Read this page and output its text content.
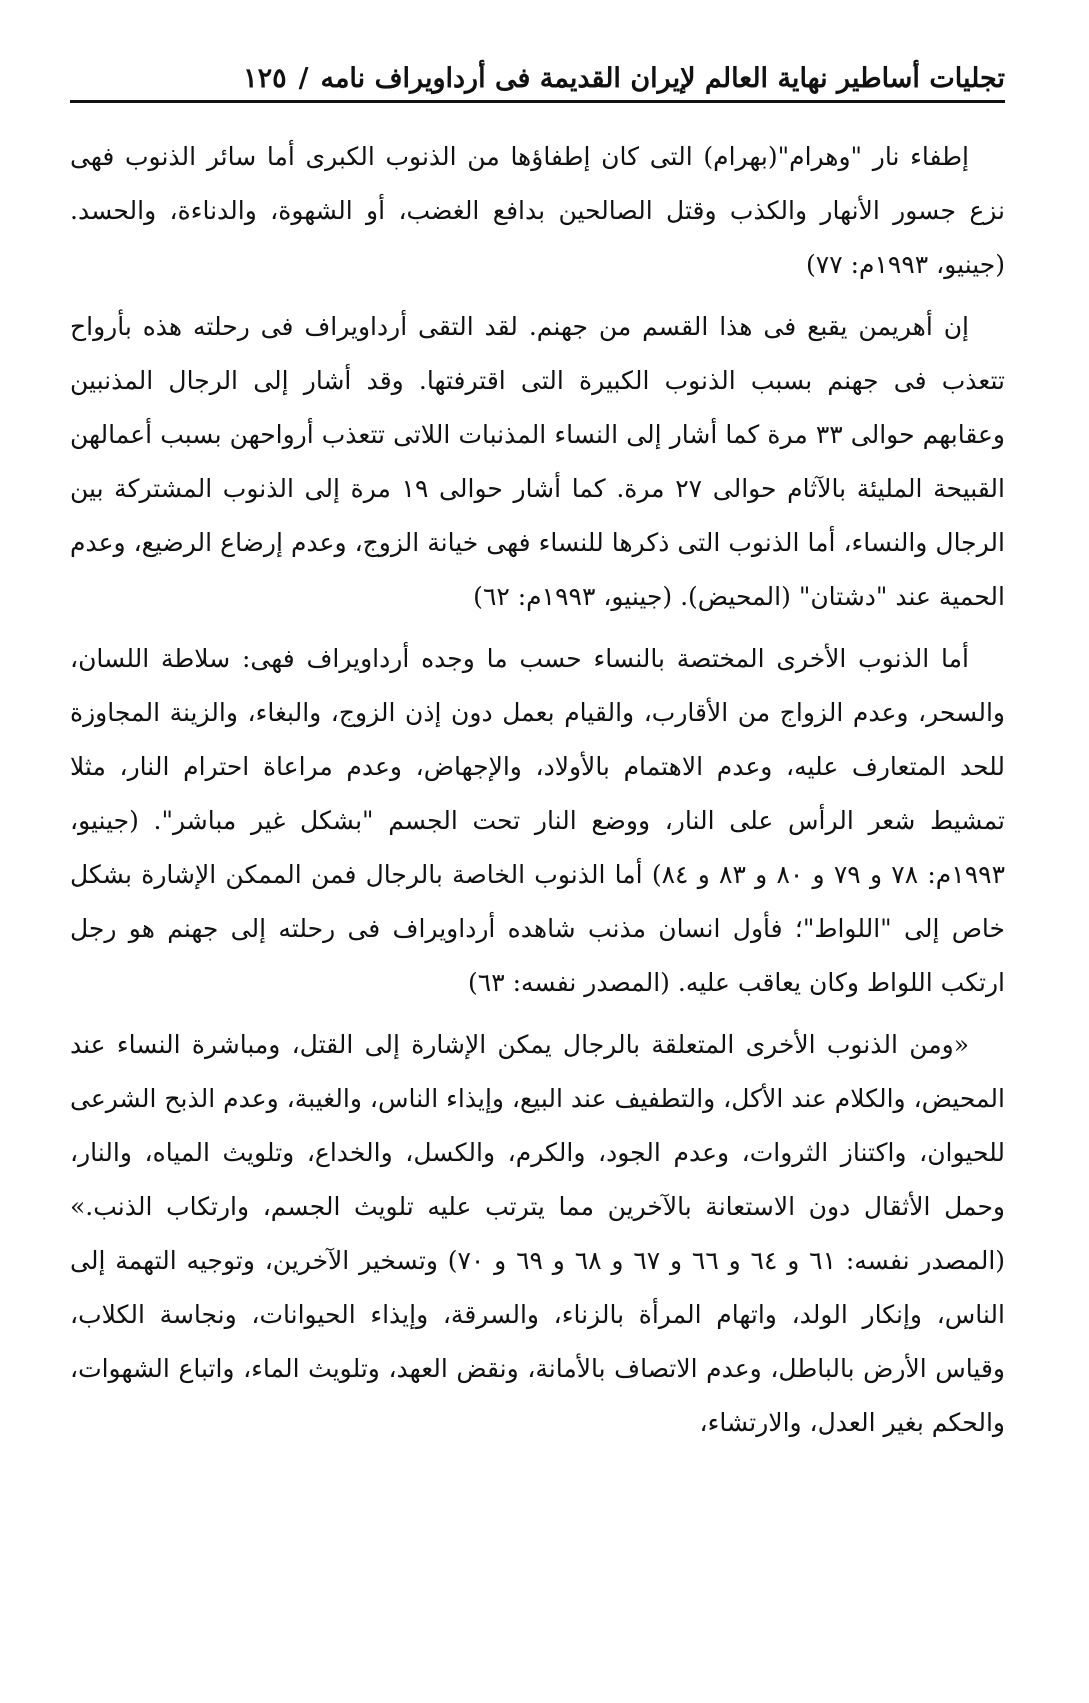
تجليات أساطير نهاية العالم لإيران القديمة فى أرداويراف نامه
/
١٢٥

إطفاء نار "وهرام"(بهرام) التى كان إطفاؤها من الذنوب الكبرى أما سائر الذنوب فهى نزع جسور الأنهار والكذب وقتل الصالحين بدافع الغضب، أو الشهوة، والدناءة، والحسد. (جينيو، ١٩٩٣م: ٧٧)

إن أهريمن يقبع فى هذا القسم من جهنم. لقد التقى أرداويراف فى رحلته هذه بأرواح تتعذب فى جهنم بسبب الذنوب الكبيرة التى اقترفتها. وقد أشار إلى الرجال المذنبين وعقابهم حوالى ٣٣ مرة كما أشار إلى النساء المذنبات اللاتى تتعذب أرواحهن بسبب أعمالهن القبيحة المليئة بالآثام حوالى ٢٧ مرة. كما أشار حوالى ١٩ مرة إلى الذنوب المشتركة بين الرجال والنساء، أما الذنوب التى ذكرها للنساء فهى خيانة الزوج، وعدم إرضاع الرضيع، وعدم الحمية عند "دشتان" (المحيض). (جينيو، ١٩٩٣م: ٦٢)

أما الذنوب الأخرى المختصة بالنساء حسب ما وجده أرداويراف فهى: سلاطة اللسان، والسحر، وعدم الزواج من الأقارب، والقيام بعمل دون إذن الزوج، والبغاء، والزينة المجاوزة للحد المتعارف عليه، وعدم الاهتمام بالأولاد، والإجهاض، وعدم مراعاة احترام النار، مثلا تمشيط شعر الرأس على النار، ووضع النار تحت الجسم "بشكل غير مباشر". (جينيو، ١٩٩٣م: ٧٨ و ٧٩ و ٨٠ و ٨٣ و ٨٤) أما الذنوب الخاصة بالرجال فمن الممكن الإشارة بشكل خاص إلى "اللواط"؛ فأول انسان مذنب شاهده أرداويراف فى رحلته إلى جهنم هو رجل ارتكب اللواط وكان يعاقب عليه. (المصدر نفسه: ٦٣)

«ومن الذنوب الأخرى المتعلقة بالرجال يمكن الإشارة إلى القتل، ومباشرة النساء عند المحيض، والكلام عند الأكل، والتطفيف عند البيع، وإيذاء الناس، والغيبة، وعدم الذبح الشرعى للحيوان، واكتناز الثروات، وعدم الجود، والكرم، والكسل، والخداع، وتلويث المياه، والنار، وحمل الأثقال دون الاستعانة بالآخرين مما يترتب عليه تلويث الجسم، وارتكاب الذنب.» (المصدر نفسه: ٦١ و ٦٤ و ٦٦ و ٦٧ و ٦٨ و ٦٩ و ٧٠) وتسخير الآخرين، وتوجيه التهمة إلى الناس، وإنكار الولد، واتهام المرأة بالزناء، والسرقة، وإيذاء الحيوانات، ونجاسة الكلاب، وقياس الأرض بالباطل، وعدم الاتصاف بالأمانة، ونقض العهد، وتلويث الماء، واتباع الشهوات، والحكم بغير العدل، والارتشاء،
